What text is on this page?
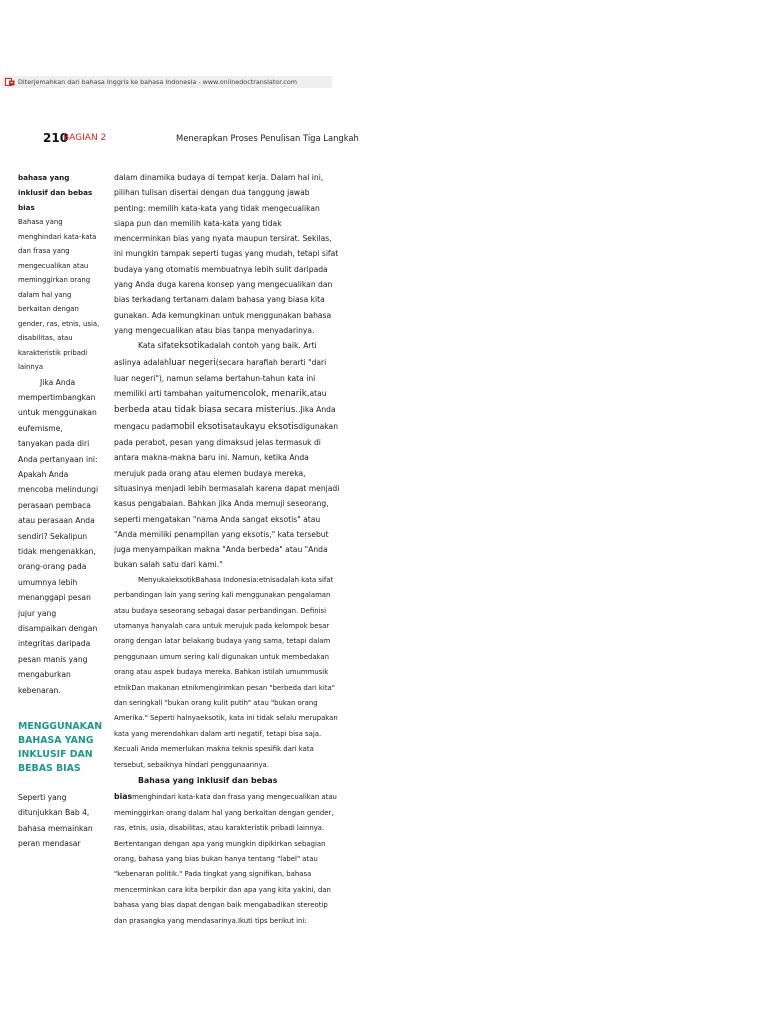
Diterjemahkan dari bahasa Inggris ke bahasa Indonesia - www.onlinedoctranslator.com
210
BAGIAN 2	Menerapkan Proses Penulisan Tiga Langkah
bahasa yang inklusif dan bebas bias
Bahasa yang menghindari kata-kata dan frasa yang mengecualikan atau meminggirkan orang dalam hal yang berkaitan dengan gender, ras, etnis, usia, disabilitas, atau karakteristik pribadi lainnya
Jika Anda mempertimbangkan untuk menggunakan eufemisme, tanyakan pada diri Anda pertanyaan ini: Apakah Anda mencoba melindungi perasaan pembaca atau perasaan Anda sendiri? Sekalipun tidak mengenakkan, orang-orang pada umumnya lebih menanggapi pesan jujur yang disampaikan dengan integritas daripada pesan manis yang mengaburkan kebenaran.
MENGGUNAKAN BAHASA YANG INKLUSIF DAN BEBAS BIAS
Seperti yang ditunjukkan Bab 4, bahasa memainkan peran mendasar

dalam dinamika budaya di tempat kerja. Dalam hal ini, pilihan tulisan disertai dengan dua tanggung jawab penting: memilih kata-kata yang tidak mengecualikan siapa pun dan memilih kata-kata yang tidak mencerminkan bias yang nyata maupun tersirat. Sekilas, ini mungkin tampak seperti tugas yang mudah, tetapi sifat budaya yang otomatis membuatnya lebih sulit daripada yang Anda duga karena konsep yang mengecualikan dan bias terkadang tertanam dalam bahasa yang biasa kita gunakan. Ada kemungkinan untuk menggunakan bahasa yang mengecualikan atau bias tanpa menyadarinya.

Kata sifateksotikadalah contoh yang baik. Arti aslinya adalahluar negeri(secara harafiah berarti "dari luar negeri"), namun selama bertahun-tahun kata ini memiliki arti tambahan yaitumencolok, menarik,atau berbeda atau tidak biasa secara misterius..Jika Anda mengacu padamobil eksotisataukayu eksotisdigunakan pada perabot, pesan yang dimaksud jelas termasuk di antara makna-makna baru ini. Namun, ketika Anda merujuk pada orang atau elemen budaya mereka, situasinya menjadi lebih bermasalah karena dapat menjadi kasus pengabaian. Bahkan jika Anda memuji seseorang, seperti mengatakan "nama Anda sangat eksotis" atau "Anda memiliki penampilan yang eksotis," kata tersebut juga menyampaikan makna "Anda berbeda" atau "Anda bukan salah satu dari kami."

MenyukaieksotikBahasa Indonesia:etnisadalah kata sifat perbandingan lain yang sering kali menggunakan pengalaman atau budaya seseorang sebagai dasar perbandingan. Definisi utamanya hanyalah cara untuk merujuk pada kelompok besar orang dengan latar belakang budaya yang sama, tetapi dalam penggunaan umum sering kali digunakan untuk membedakan orang atau aspek budaya mereka. Bahkan istilah umummusik etnikDan makanan etnikmengirimkan pesan "berbeda dari kita" dan seringkali "bukan orang kulit putih" atau "bukan orang Amerika." Seperti halnyaeksotik, kata ini tidak selalu merupakan kata yang merendahkan dalam arti negatif, tetapi bisa saja. Kecuali Anda memerlukan makna teknis spesifik dari kata tersebut, sebaiknya hindari penggunaannya.

Bahasa yang inklusif dan bebas biasmenghindari kata-kata dan frasa yang mengecualikan atau meminggirkan orang dalam hal yang berkaitan dengan gender, ras, etnis, usia, disabilitas, atau karakteristik pribadi lainnya. Bertentangan dengan apa yang mungkin dipikirkan sebagian orang, bahasa yang bias bukan hanya tentang "label" atau "kebenaran politik." Pada tingkat yang signifikan, bahasa mencerminkan cara kita berpikir dan apa yang kita yakini, dan bahasa yang bias dapat dengan baik mengabadikan stereotip dan prasangka yang mendasarinya.Ikuti tips berikut ini:
